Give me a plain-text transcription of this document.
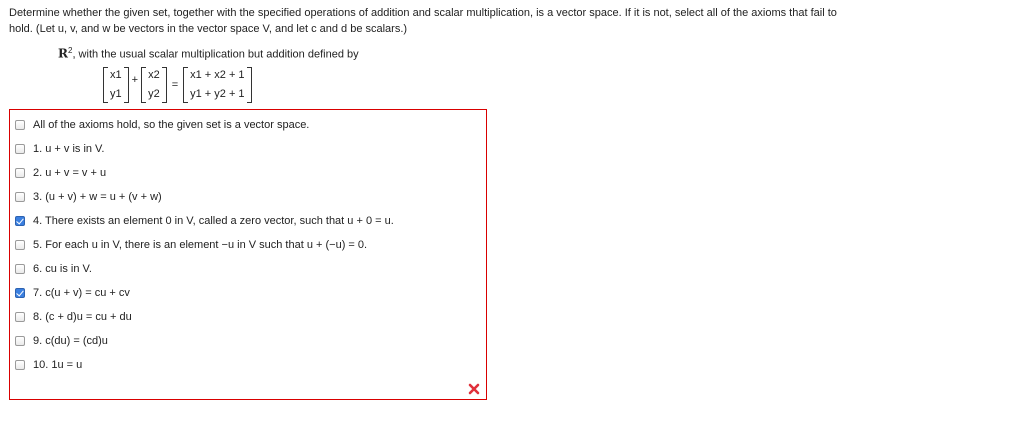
Determine whether the given set, together with the specified operations of addition and scalar multiplication, is a vector space. If it is not, select all of the axioms that fail to
hold. (Let u, v, and w be vectors in the vector space V, and let c and d be scalars.)
$R^2$, with the usual scalar multiplication but addition defined by
x1
y1
+ x2
y2
=
x1 + x2 + 1
y1 + y2 + 1
All of the axioms hold, so the given set is a vector space.
1. u + v is in V.
2. u + v = v + u
3. (u + v) + w = u + (v + w)
4. There exists an element 0 in V, called a zero vector, such that u + 0 = u.
5. For each u in V, there is an element −u in V such that u + (−u) = 0.
6. cu is in V.
7. c(u + v) = cu + cv
8. (c + d)u = cu + du
9. c(du) = (cd)u
10. 1u = u
